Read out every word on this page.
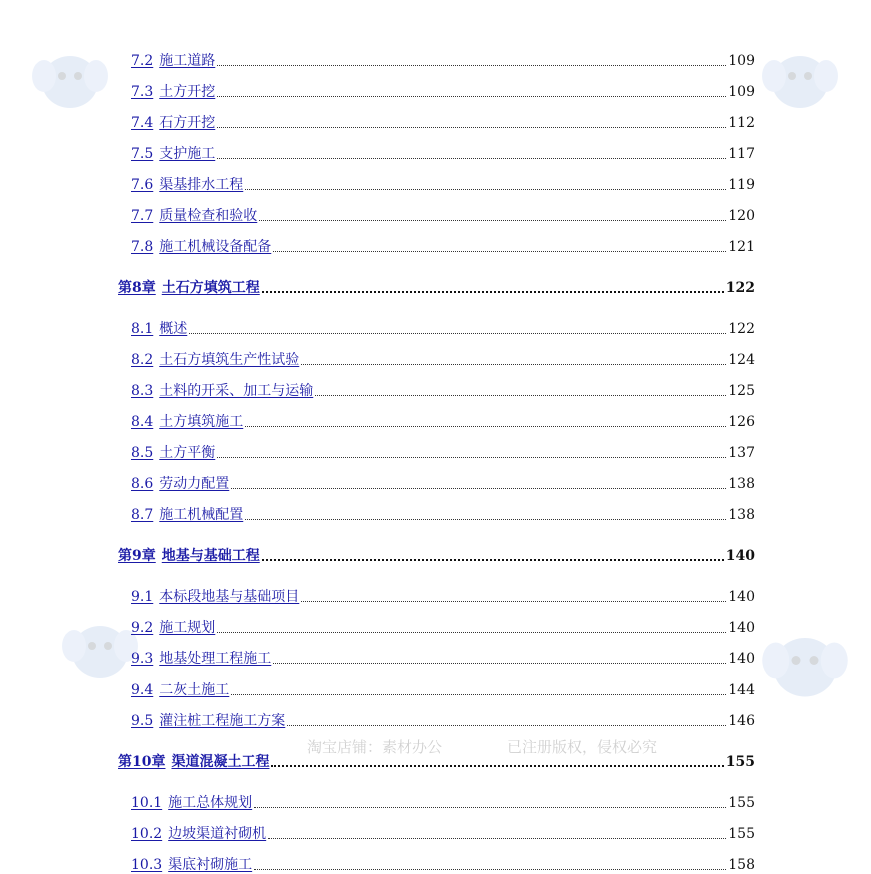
淘宝店铺：素材办公	已注册版权，侵权必究
7.2 施工道路	109
7.3 土方开挖	109
7.4 石方开挖	112
7.5 支护施工	117
7.6 渠基排水工程	119
7.7 质量检查和验收	120
7.8 施工机械设备配备	121
第8章 土石方填筑工程	122
8.1 概述	122
8.2 土石方填筑生产性试验	124
8.3 土料的开采、加工与运输	125
8.4 土方填筑施工	126
8.5 土方平衡	137
8.6 劳动力配置	138
8.7 施工机械配置	138
第9章 地基与基础工程	140
9.1 本标段地基与基础项目	140
9.2 施工规划	140
9.3 地基处理工程施工	140
9.4 二灰土施工	144
9.5 灌注桩工程施工方案	146
第10章 渠道混凝土工程	155
10.1 施工总体规划	155
10.2 边坡渠道衬砌机	155
10.3 渠底衬砌施工	158
